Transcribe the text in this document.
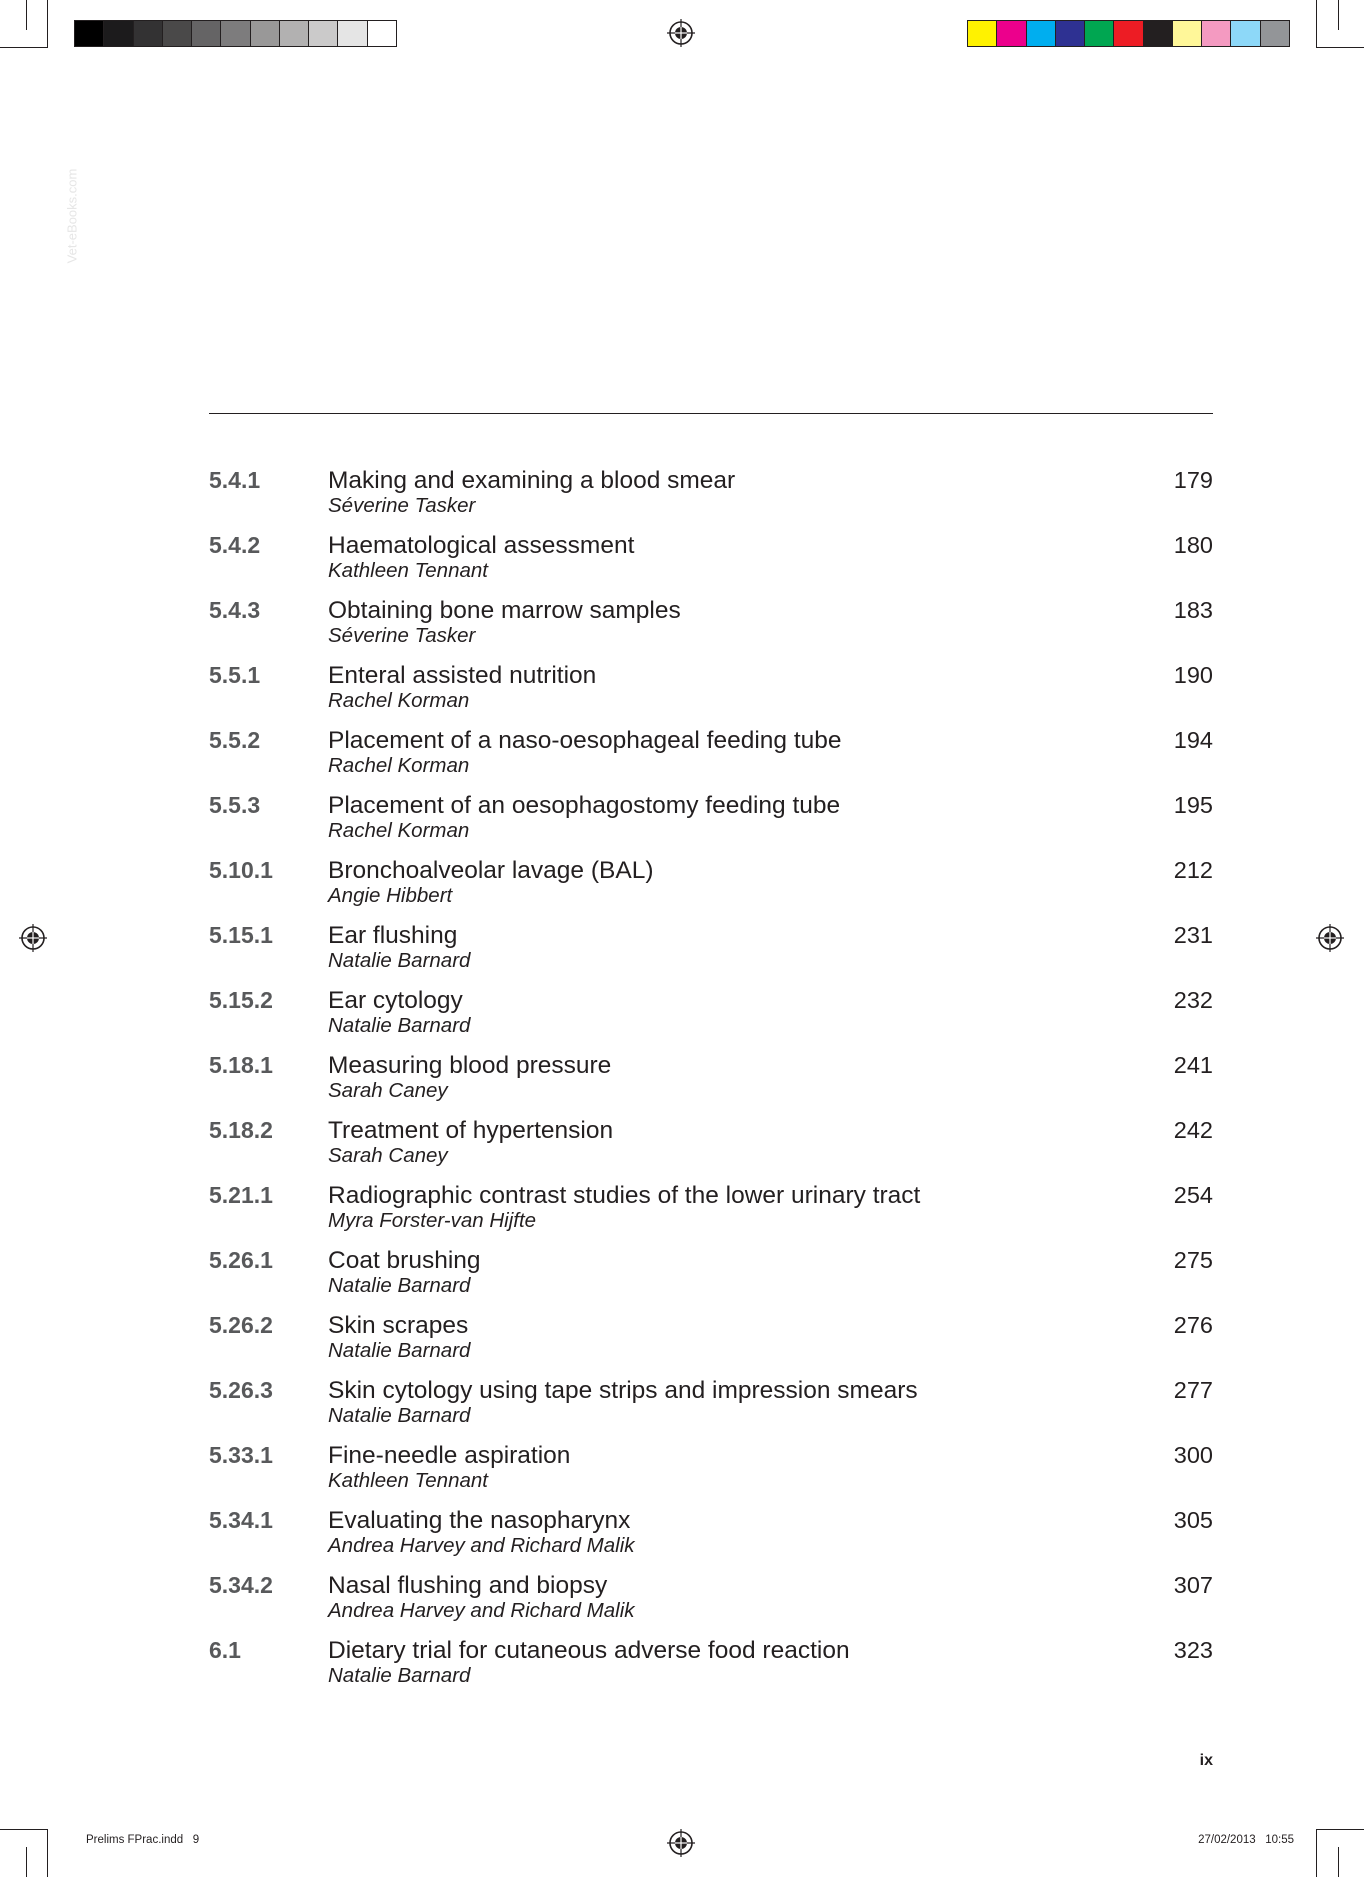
Vet-eBooks.com
5.4.1	Making and examining a blood smear
Séverine Tasker
179
5.4.2	Haematological assessment
Kathleen Tennant
180
5.4.3	Obtaining bone marrow samples
Séverine Tasker
183
5.5.1	Enteral assisted nutrition
Rachel Korman
190
5.5.2	Placement of a naso-oesophageal feeding tube
Rachel Korman
194
5.5.3	Placement of an oesophagostomy feeding tube
Rachel Korman
195
5.10.1 Bronchoalveolar lavage (BAL)
Angie Hibbert
212
5.15.1 Ear flushing
Natalie Barnard
231
5.15.2 Ear cytology
Natalie Barnard
232
5.18.1 Measuring blood pressure
Sarah Caney
241
5.18.2 Treatment of hypertension
Sarah Caney
242
5.21.1 Radiographic contrast studies of the lower urinary tract
Myra Forster-van Hijfte
254
5.26.1 Coat brushing
Natalie Barnard
275
5.26.2 Skin scrapes
Natalie Barnard
276
5.26.3 Skin cytology using tape strips and impression smears
Natalie Barnard
277
5.33.1 Fine-needle aspiration
Kathleen Tennant
300
5.34.1 Evaluating the nasopharynx
Andrea Harvey and Richard Malik
305
5.34.2 Nasal flushing and biopsy
Andrea Harvey and Richard Malik
307
6.1	Dietary trial for cutaneous adverse food reaction
Natalie Barnard
323
ix
Prelims FPrac.indd   9	27/02/2013   10:55
